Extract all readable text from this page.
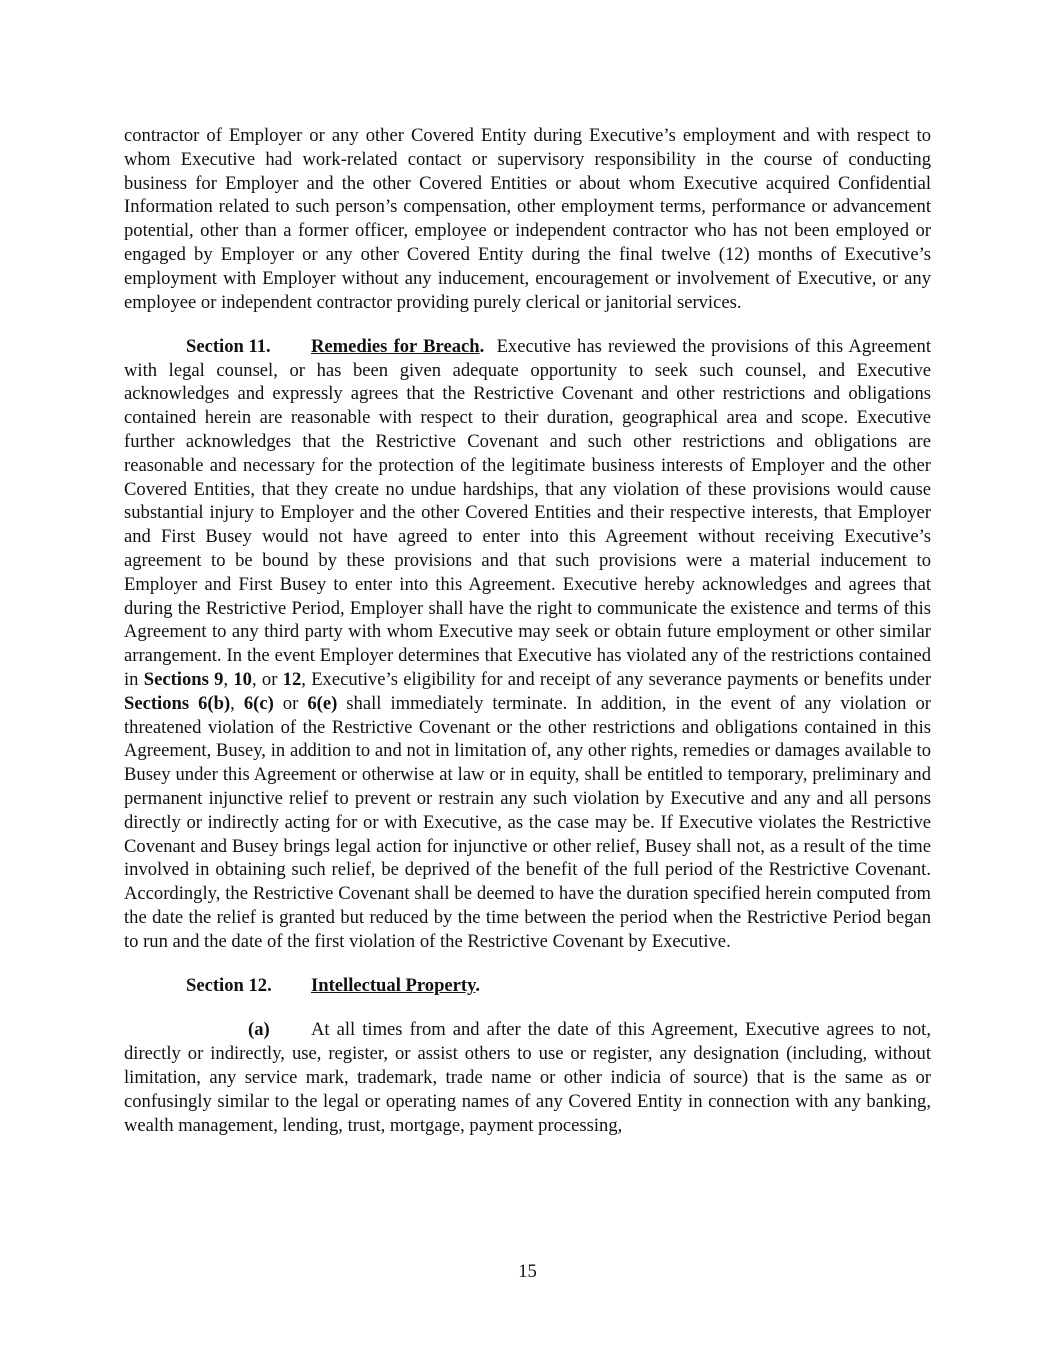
contractor of Employer or any other Covered Entity during Executive’s employment and with respect to whom Executive had work-related contact or supervisory responsibility in the course of conducting business for Employer and the other Covered Entities or about whom Executive acquired Confidential Information related to such person’s compensation, other employment terms, performance or advancement potential, other than a former officer, employee or independent contractor who has not been employed or engaged by Employer or any other Covered Entity during the final twelve (12) months of Executive’s employment with Employer without any inducement, encouragement or involvement of Executive, or any employee or independent contractor providing purely clerical or janitorial services.

Section 11. Remedies for Breach. Executive has reviewed the provisions of this Agreement with legal counsel, or has been given adequate opportunity to seek such counsel, and Executive acknowledges and expressly agrees that the Restrictive Covenant and other restrictions and obligations contained herein are reasonable with respect to their duration, geographical area and scope. Executive further acknowledges that the Restrictive Covenant and such other restrictions and obligations are reasonable and necessary for the protection of the legitimate business interests of Employer and the other Covered Entities, that they create no undue hardships, that any violation of these provisions would cause substantial injury to Employer and the other Covered Entities and their respective interests, that Employer and First Busey would not have agreed to enter into this Agreement without receiving Executive’s agreement to be bound by these provisions and that such provisions were a material inducement to Employer and First Busey to enter into this Agreement. Executive hereby acknowledges and agrees that during the Restrictive Period, Employer shall have the right to communicate the existence and terms of this Agreement to any third party with whom Executive may seek or obtain future employment or other similar arrangement. In the event Employer determines that Executive has violated any of the restrictions contained in Sections 9, 10, or 12, Executive’s eligibility for and receipt of any severance payments or benefits under Sections 6(b), 6(c) or 6(e) shall immediately terminate. In addition, in the event of any violation or threatened violation of the Restrictive Covenant or the other restrictions and obligations contained in this Agreement, Busey, in addition to and not in limitation of, any other rights, remedies or damages available to Busey under this Agreement or otherwise at law or in equity, shall be entitled to temporary, preliminary and permanent injunctive relief to prevent or restrain any such violation by Executive and any and all persons directly or indirectly acting for or with Executive, as the case may be. If Executive violates the Restrictive Covenant and Busey brings legal action for injunctive or other relief, Busey shall not, as a result of the time involved in obtaining such relief, be deprived of the benefit of the full period of the Restrictive Covenant. Accordingly, the Restrictive Covenant shall be deemed to have the duration specified herein computed from the date the relief is granted but reduced by the time between the period when the Restrictive Period began to run and the date of the first violation of the Restrictive Covenant by Executive.

Section 12. Intellectual Property.

(a) At all times from and after the date of this Agreement, Executive agrees to not, directly or indirectly, use, register, or assist others to use or register, any designation (including, without limitation, any service mark, trademark, trade name or other indicia of source) that is the same as or confusingly similar to the legal or operating names of any Covered Entity in connection with any banking, wealth management, lending, trust, mortgage, payment processing,

15
